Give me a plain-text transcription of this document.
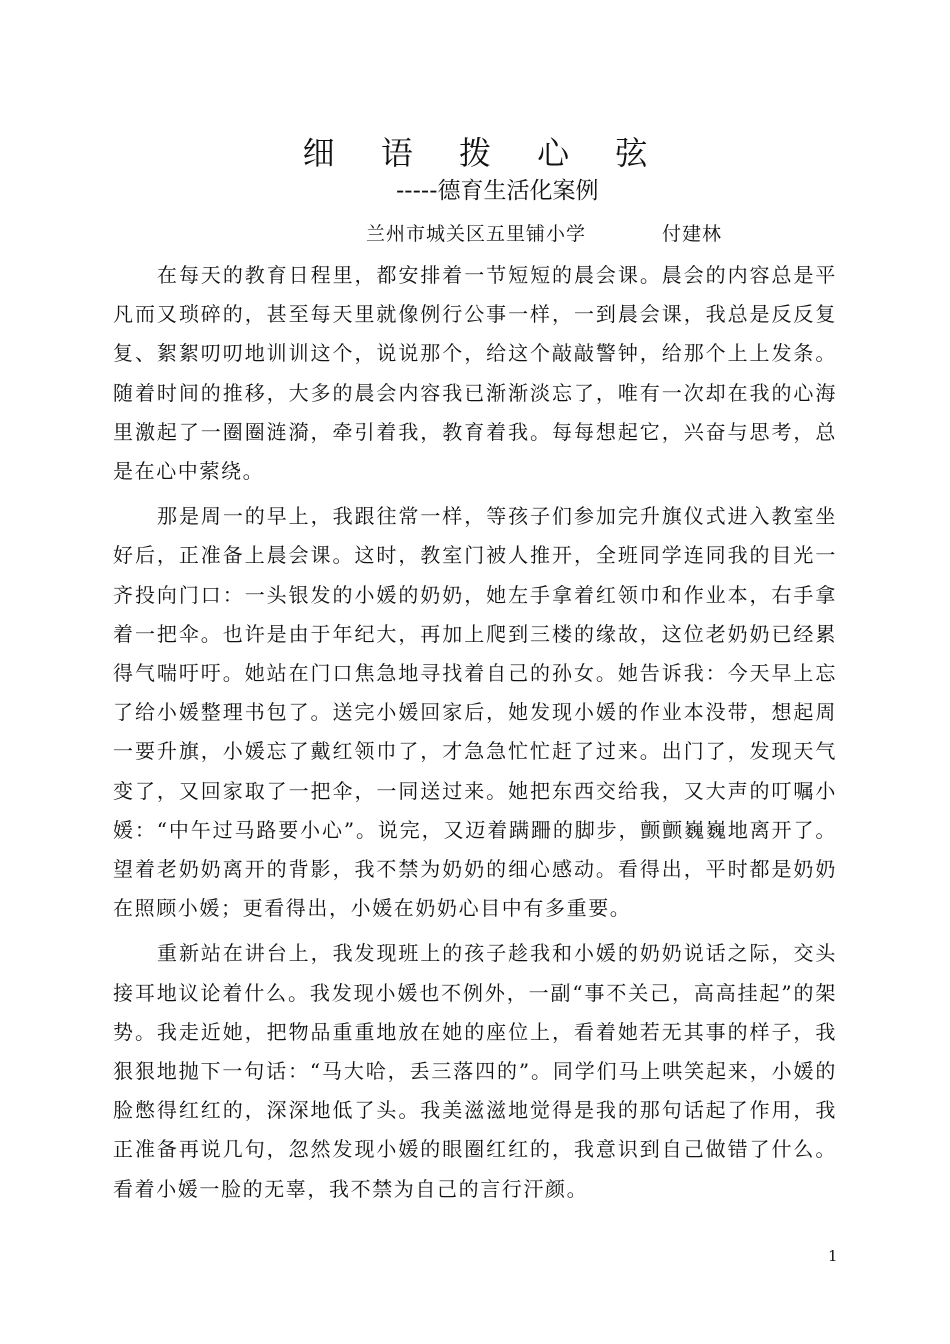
细 语 拨 心 弦
-----德育生活化案例
兰州市城关区五里铺小学	付建林

在每天的教育日程里，都安排着一节短短的晨会课。晨会的内容总是平凡而又琐碎的，甚至每天里就像例行公事一样，一到晨会课，我总是反反复复、絮絮叨叨地训训这个，说说那个，给这个敲敲警钟，给那个上上发条。随着时间的推移，大多的晨会内容我已渐渐淡忘了，唯有一次却在我的心海里激起了一圈圈涟漪，牵引着我，教育着我。每每想起它，兴奋与思考，总是在心中萦绕。

那是周一的早上，我跟往常一样，等孩子们参加完升旗仪式进入教室坐好后，正准备上晨会课。这时，教室门被人推开，全班同学连同我的目光一齐投向门口：一头银发的小媛的奶奶，她左手拿着红领巾和作业本，右手拿着一把伞。也许是由于年纪大，再加上爬到三楼的缘故，这位老奶奶已经累得气喘吁吁。她站在门口焦急地寻找着自己的孙女。她告诉我：今天早上忘了给小媛整理书包了。送完小媛回家后，她发现小媛的作业本没带，想起周一要升旗，小媛忘了戴红领巾了，才急急忙忙赶了过来。出门了，发现天气变了，又回家取了一把伞，一同送过来。她把东西交给我，又大声的叮嘱小媛：“中午过马路要小心”。说完，又迈着蹒跚的脚步，颤颤巍巍地离开了。望着老奶奶离开的背影，我不禁为奶奶的细心感动。看得出，平时都是奶奶在照顾小媛；更看得出，小媛在奶奶心目中有多重要。

重新站在讲台上，我发现班上的孩子趁我和小媛的奶奶说话之际，交头接耳地议论着什么。我发现小媛也不例外，一副“事不关己，高高挂起”的架势。我走近她，把物品重重地放在她的座位上，看着她若无其事的样子，我狠狠地抛下一句话：“马大哈，丢三落四的”。同学们马上哄笑起来，小媛的脸憋得红红的，深深地低了头。我美滋滋地觉得是我的那句话起了作用，我正准备再说几句，忽然发现小媛的眼圈红红的，我意识到自己做错了什么。看着小媛一脸的无辜，我不禁为自己的言行汗颜。

1
